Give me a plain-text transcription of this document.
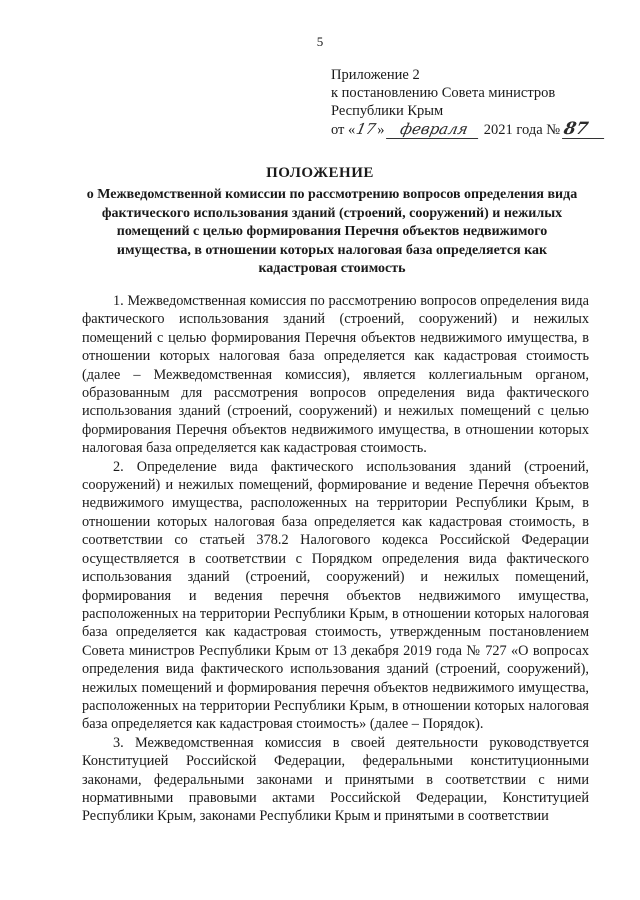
5
Приложение 2
к постановлению Совета министров
Республики Крым
от «17» февраля 2021 года № 87
ПОЛОЖЕНИЕ
о Межведомственной комиссии по рассмотрению вопросов определения вида фактического использования зданий (строений, сооружений) и нежилых помещений с целью формирования Перечня объектов недвижимого имущества, в отношении которых налоговая база определяется как кадастровая стоимость

1. Межведомственная комиссия по рассмотрению вопросов определения вида фактического использования зданий (строений, сооружений) и нежилых помещений с целью формирования Перечня объектов недвижимого имущества, в отношении которых налоговая база определяется как кадастровая стоимость (далее – Межведомственная комиссия), является коллегиальным органом, образованным для рассмотрения вопросов определения вида фактического использования зданий (строений, сооружений) и нежилых помещений с целью формирования Перечня объектов недвижимого имущества, в отношении которых налоговая база определяется как кадастровая стоимость.

2. Определение вида фактического использования зданий (строений, сооружений) и нежилых помещений, формирование и ведение Перечня объектов недвижимого имущества, расположенных на территории Республики Крым, в отношении которых налоговая база определяется как кадастровая стоимость, в соответствии со статьей 378.2 Налогового кодекса Российской Федерации осуществляется в соответствии с Порядком определения вида фактического использования зданий (строений, сооружений) и нежилых помещений, формирования и ведения перечня объектов недвижимого имущества, расположенных на территории Республики Крым, в отношении которых налоговая база определяется как кадастровая стоимость, утвержденным постановлением Совета министров Республики Крым от 13 декабря 2019 года № 727 «О вопросах определения вида фактического использования зданий (строений, сооружений), нежилых помещений и формирования перечня объектов недвижимого имущества, расположенных на территории Республики Крым, в отношении которых налоговая база определяется как кадастровая стоимость» (далее – Порядок).

3. Межведомственная комиссия в своей деятельности руководствуется Конституцией Российской Федерации, федеральными конституционными законами, федеральными законами и принятыми в соответствии с ними нормативными правовыми актами Российской Федерации, Конституцией Республики Крым, законами Республики Крым и принятыми в соответствии
